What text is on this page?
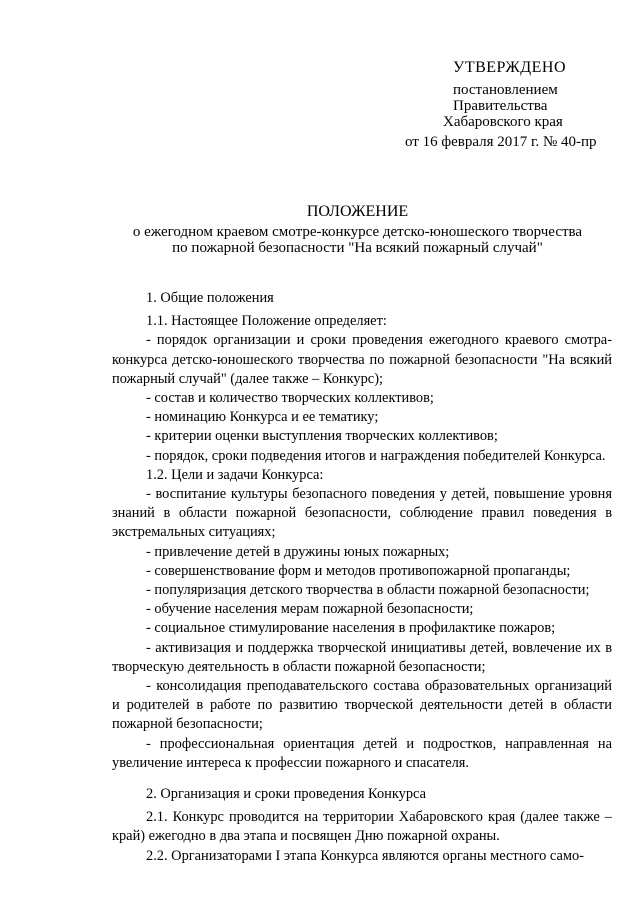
УТВЕРЖДЕНО
постановлением
Правительства
Хабаровского края
от 16 февраля 2017 г. № 40-пр
ПОЛОЖЕНИЕ
о ежегодном краевом смотре-конкурсе детско-юношеского творчества
по пожарной безопасности "На всякий пожарный случай"

1. Общие положения

1.1. Настоящее Положение определяет:

- порядок организации и сроки проведения ежегодного краевого смотра-конкурса детско-юношеского творчества по пожарной безопасности "На всякий пожарный случай" (далее также – Конкурс);

- состав и количество творческих коллективов;

- номинацию Конкурса и ее тематику;

- критерии оценки выступления творческих коллективов;

- порядок, сроки подведения итогов и награждения победителей Конкурса.

1.2. Цели и задачи Конкурса:

- воспитание культуры безопасного поведения у детей, повышение уровня знаний в области пожарной безопасности, соблюдение правил поведения в экстремальных ситуациях;

- привлечение детей в дружины юных пожарных;

- совершенствование форм и методов противопожарной пропаганды;

- популяризация детского творчества в области пожарной безопасности;

- обучение населения мерам пожарной безопасности;

- социальное стимулирование населения в профилактике пожаров;

- активизация и поддержка творческой инициативы детей, вовлечение их в творческую деятельность в области пожарной безопасности;

- консолидация преподавательского состава образовательных организаций и родителей в работе по развитию творческой деятельности детей в области пожарной безопасности;

- профессиональная ориентация детей и подростков, направленная на увеличение интереса к профессии пожарного и спасателя.

2. Организация и сроки проведения Конкурса

2.1. Конкурс проводится на территории Хабаровского края (далее также – край) ежегодно в два этапа и посвящен Дню пожарной охраны.

2.2. Организаторами I этапа Конкурса являются органы местного само-
